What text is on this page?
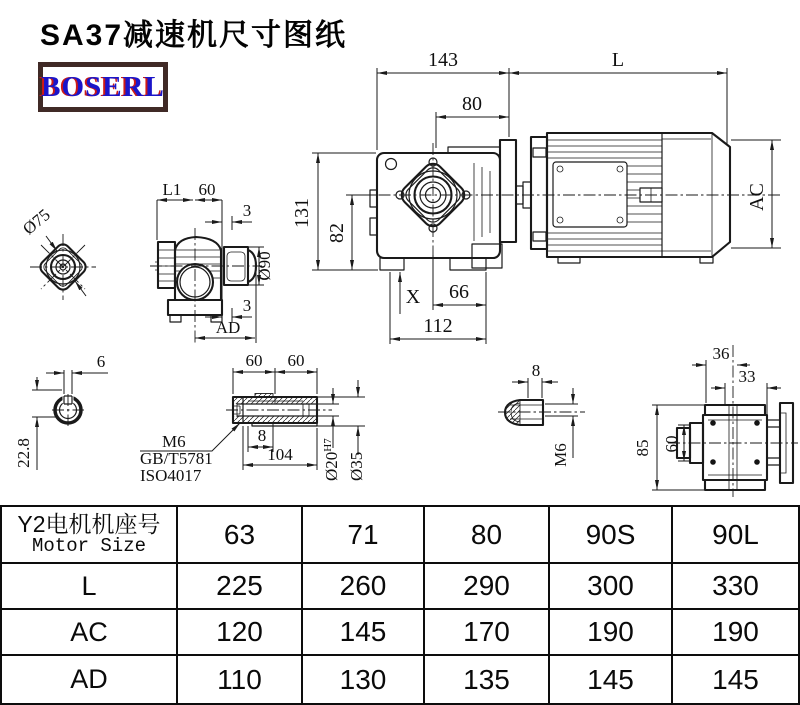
SA37减速机尺寸图纸
BOSERL
143	L
80
131
82
AC
X 66
112
Ø75
L1 60
3
Ø90
3
AD
6
22.8
60 60
8
104 $Ø20^{H7}$
Ø35
M6
GB/T5781
ISO4017
8
M6
36
33
85 60
Y2电机机座号
Motor Size	63	71	80	90S	90L
L	225	260	290	300	330
AC	120	145	170	190	190
AD	110	130	135	145	145
